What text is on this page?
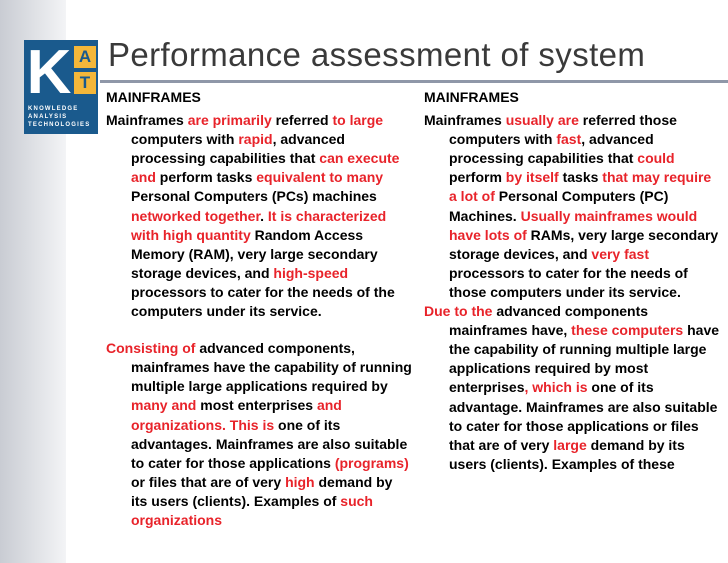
K A
T
KNOWLEDGE
ANALYSIS
TECHNOLOGIES
Performance assessment of system
MAINFRAMES

Mainframes are primarily referred to large computers with rapid, advanced processing capabilities that can execute and perform tasks equivalent to many Personal Computers (PCs) machines networked together. It is characterized with high quantity Random Access Memory (RAM), very large secondary storage devices, and high-speed processors to cater for the needs of the computers under its service.

Consisting of advanced components, mainframes have the capability of running multiple large applications required by many and most enterprises and organizations. This is one of its advantages. Mainframes are also suitable to cater for those applications (programs) or files that are of very high demand by its users (clients). Examples of such organizations

MAINFRAMES

Mainframes usually are referred those computers with fast, advanced processing capabilities that could perform by itself tasks that may require a lot of Personal Computers (PC) Machines. Usually mainframes would have lots of RAMs, very large secondary storage devices, and very fast processors to cater for the needs of those computers under its service.

Due to the advanced components mainframes have, these computers have the capability of running multiple large applications required by most enterprises, which is one of its advantage. Mainframes are also suitable to cater for those applications or files that are of very large demand by its users (clients). Examples of these
